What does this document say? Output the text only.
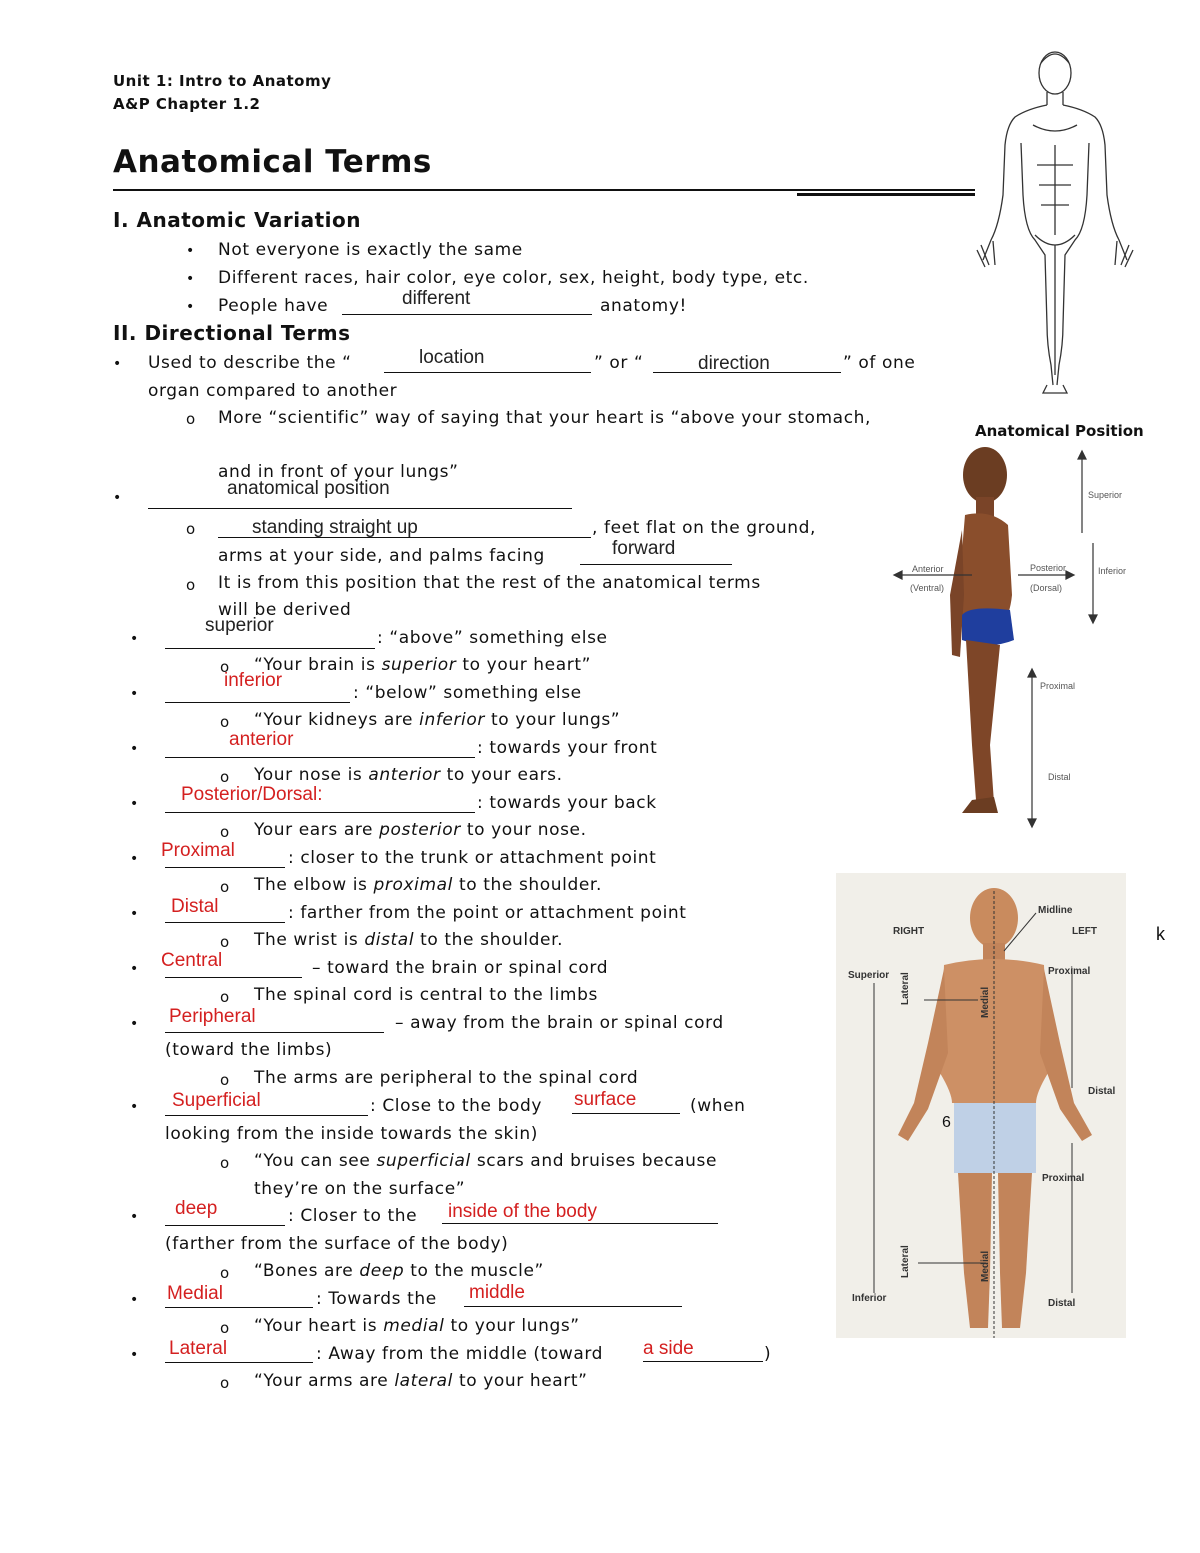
Unit 1: Intro to Anatomy
A&P Chapter 1.2
Anatomical Terms
I. Anatomic Variation
• Not everyone is exactly the same
• Different races, hair color, eye color, sex, height, body type, etc.
• People have	different	anatomy!
II. Directional Terms
• Used to describe the “	location	” or “	direction	” of one
organ compared to another
o More “scientific” way of saying that your heart is “above your stomach,
and in front of your lungs”
•	anatomical position
o	standing straight up	, feet flat on the ground,
arms at your side, and palms facing	forward
o It is from this position that the rest of the anatomical terms
will be derived
•
superior
: “above” something else
o “Your brain is superior to your heart”
•
inferior
: “below” something else
o “Your kidneys are inferior to your lungs”
•	anterior	: towards your front
o Your nose is anterior to your ears.
• Posterior/Dorsal:	: towards your back
o Your ears are posterior to your nose.
• Proximal	: closer to the trunk or attachment point
o The elbow is proximal to the shoulder.
• Distal	: farther from the point or attachment point
o The wrist is distal to the shoulder.
• Central	– toward the brain or spinal cord
o The spinal cord is central to the limbs
• Peripheral	– away from the brain or spinal cord
(toward the limbs)
o The arms are peripheral to the spinal cord
• Superficial	: Close to the body surface	(when
looking from the inside towards the skin)
o “You can see superficial scars and bruises because
they’re on the surface”
• deep	: Closer to the inside of the body
(farther from the surface of the body)
o “Bones are deep to the muscle”
• Medial	: Towards the middle
o “Your heart is medial to your lungs”
• Lateral	: Away from the middle (toward a side	)
o “Your arms are lateral to your heart”
Anatomical Position
Superior
Inferior
Anterior
(Ventral)
Posterior
(Dorsal)
Proximal
Distal
RIGHT	LEFT
Midline
Superior	Proximal
Proximal
Distal
Distal
Inferior
Lateral	Medial
Lateral	Medial
6
k
